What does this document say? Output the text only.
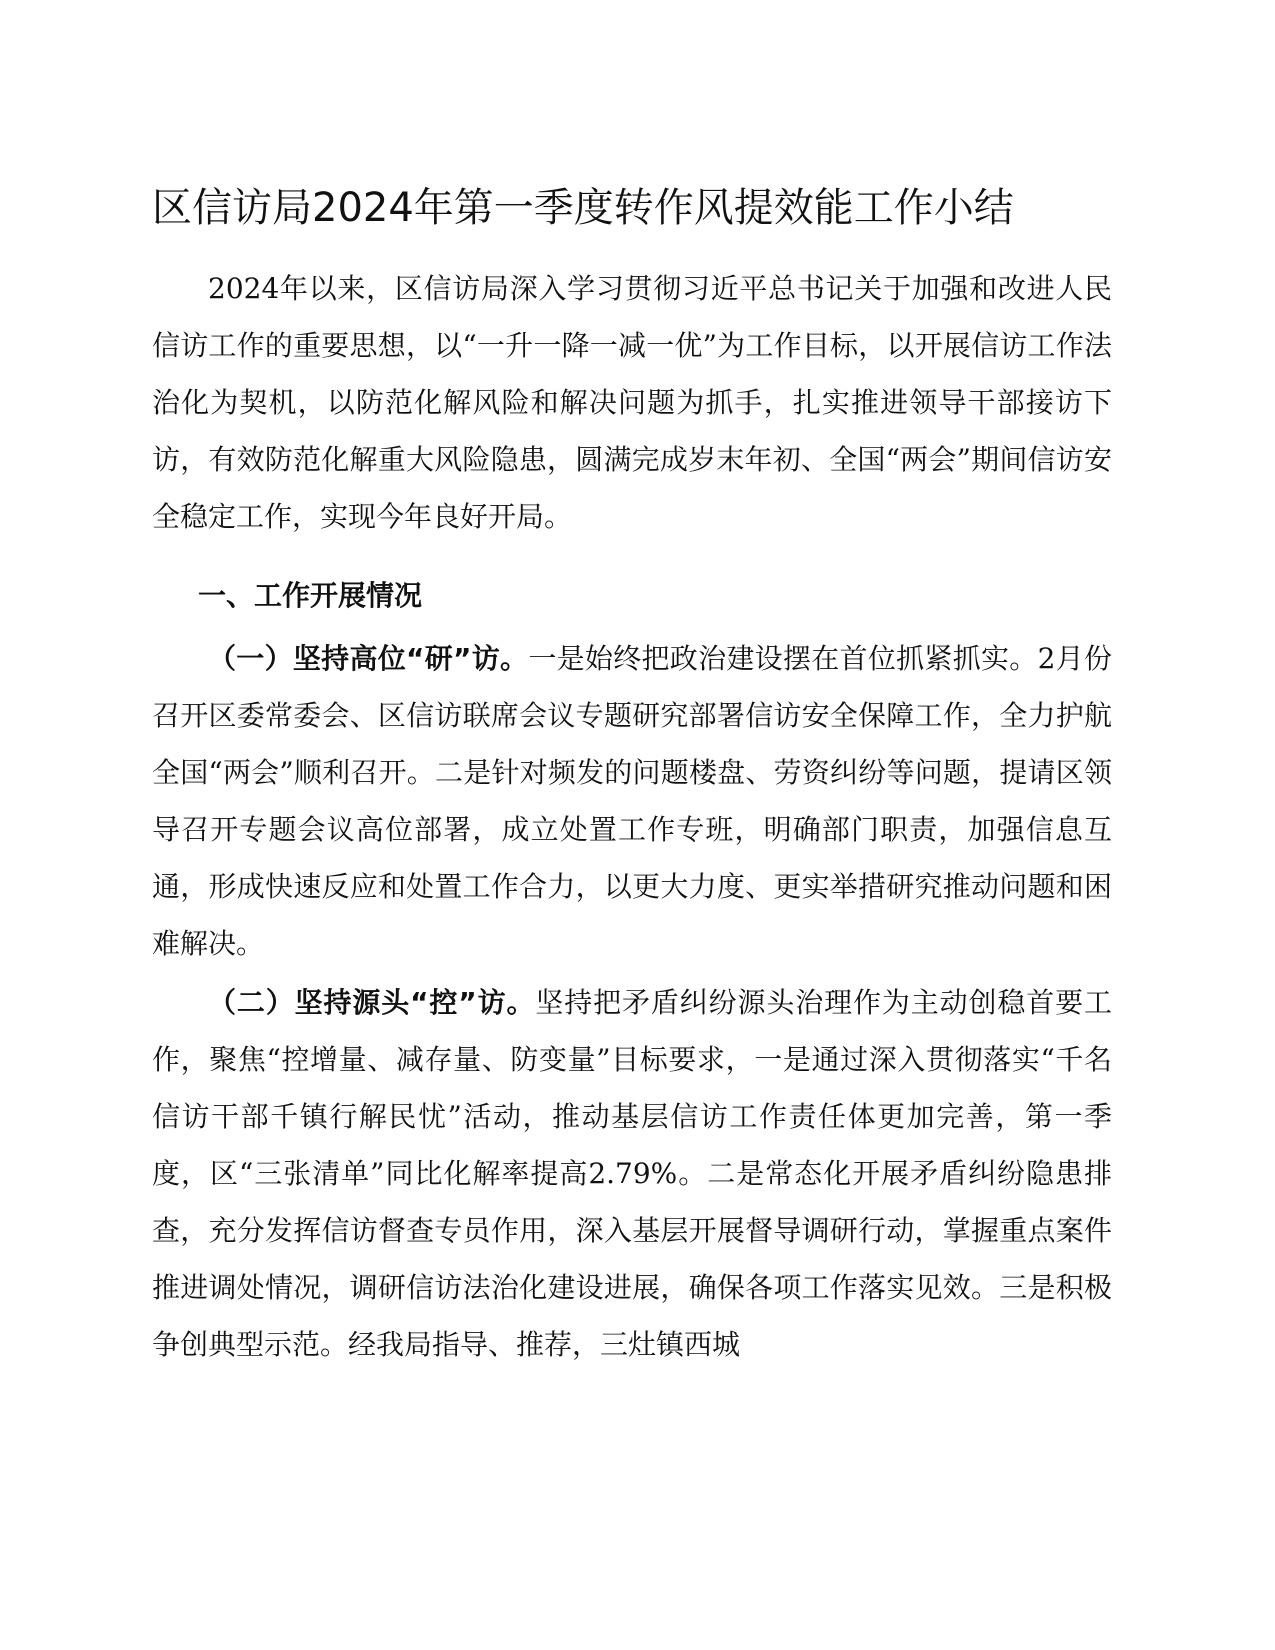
区信访局2024年第一季度转作风提效能工作小结

2024年以来，区信访局深入学习贯彻习近平总书记关于加强和改进人民信访工作的重要思想，以“一升一降一减一优”为工作目标，以开展信访工作法治化为契机，以防范化解风险和解决问题为抓手，扎实推进领导干部接访下访，有效防范化解重大风险隐患，圆满完成岁末年初、全国“两会”期间信访安全稳定工作，实现今年良好开局。

一、工作开展情况

（一）坚持高位“研”访。一是始终把政治建设摆在首位抓紧抓实。2月份召开区委常委会、区信访联席会议专题研究部署信访安全保障工作，全力护航全国“两会”顺利召开。二是针对频发的问题楼盘、劳资纠纷等问题，提请区领导召开专题会议高位部署，成立处置工作专班，明确部门职责，加强信息互通，形成快速反应和处置工作合力，以更大力度、更实举措研究推动问题和困难解决。

（二）坚持源头“控”访。坚持把矛盾纠纷源头治理作为主动创稳首要工作，聚焦“控增量、减存量、防变量”目标要求，一是通过深入贯彻落实“千名信访干部千镇行解民忧”活动，推动基层信访工作责任体更加完善，第一季度，区“三张清单”同比化解率提高2.79%。二是常态化开展矛盾纠纷隐患排查，充分发挥信访督查专员作用，深入基层开展督导调研行动，掌握重点案件推进调处情况，调研信访法治化建设进展，确保各项工作落实见效。三是积极争创典型示范。经我局指导、推荐，三灶镇西城
